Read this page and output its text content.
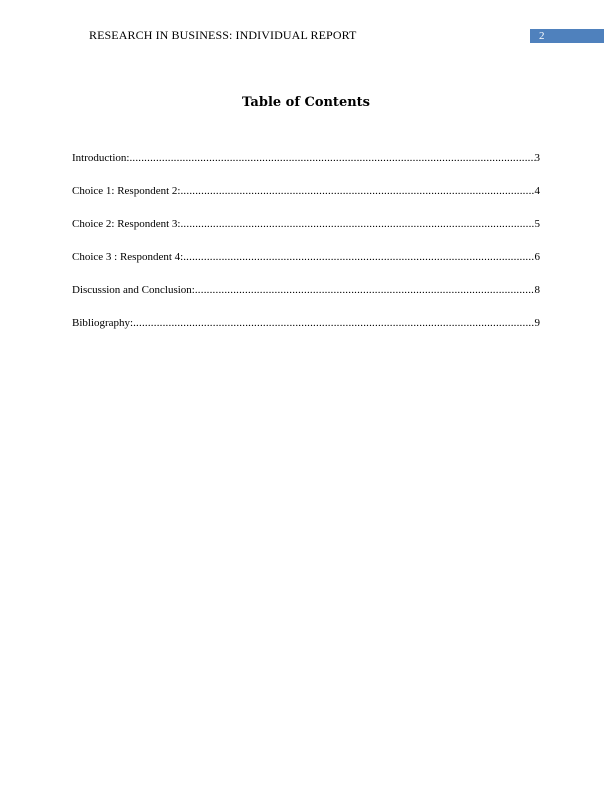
RESEARCH IN BUSINESS: INDIVIDUAL REPORT	2
Table of Contents
Introduction: .....	3
Choice 1: Respondent 2: .....	4
Choice 2: Respondent 3: .....	5
Choice 3 : Respondent 4: .....	6
Discussion and Conclusion: .....	8
Bibliography: .....	9
